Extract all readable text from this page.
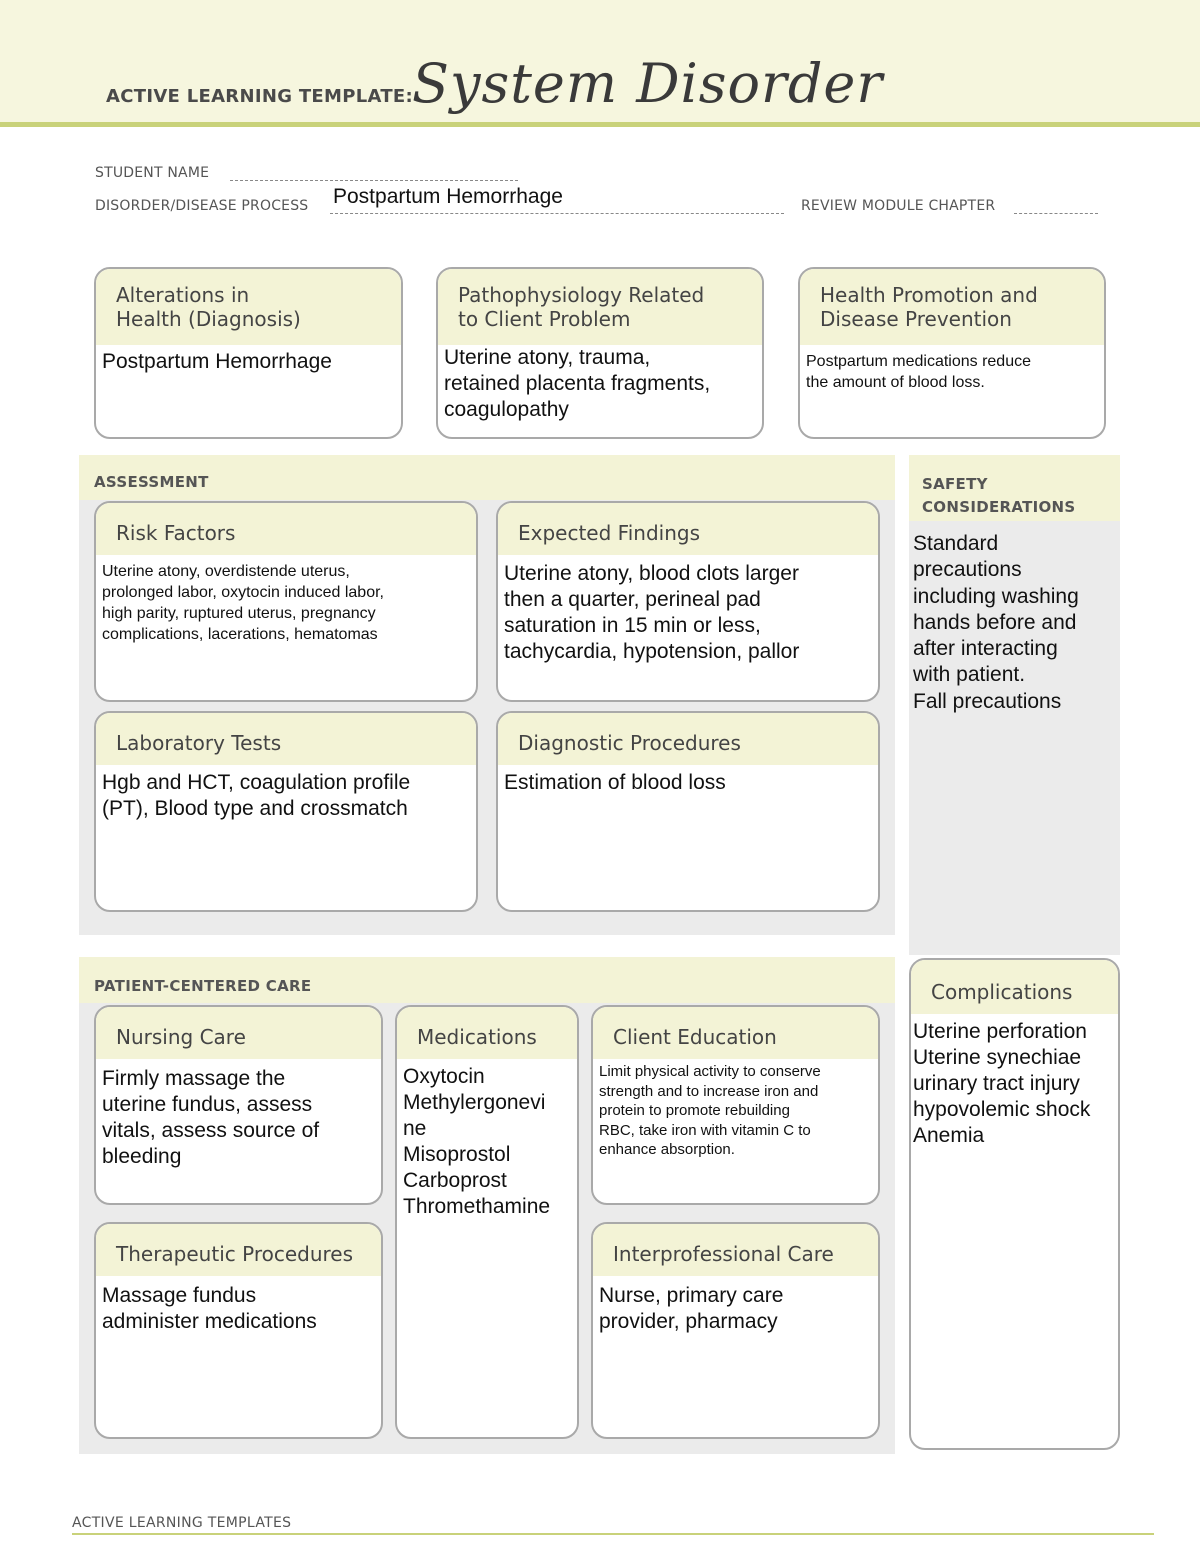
ACTIVE LEARNING TEMPLATE: System Disorder
STUDENT NAME
DISORDER/DISEASE PROCESS Postpartum Hemorrhage	REVIEW MODULE CHAPTER
Alterations in
Health (Diagnosis)
Postpartum Hemorrhage
Pathophysiology Related
to Client Problem
Uterine atony, trauma,
retained placenta fragments,
coagulopathy
Health Promotion and
Disease Prevention
Postpartum medications reduce
the amount of blood loss.
ASSESSMENT
Risk Factors
Uterine atony, overdistende uterus,
prolonged labor, oxytocin induced labor,
high parity, ruptured uterus, pregnancy
complications, lacerations, hematomas
Expected Findings
Uterine atony, blood clots larger
then a quarter, perineal pad
saturation in 15 min or less,
tachycardia, hypotension, pallor
Laboratory Tests
Hgb and HCT, coagulation profile
(PT), Blood type and crossmatch
Diagnostic Procedures
Estimation of blood loss
SAFETY
CONSIDERATIONS
Standard
precautions
including washing
hands before and
after interacting
with patient.
Fall precautions
PATIENT-CENTERED CARE
Nursing Care
Firmly massage the
uterine fundus, assess
vitals, assess source of
bleeding
Medications
Oxytocin
Methylergonevi
ne
Misoprostol
Carboprost
Thromethamine
Client Education
Limit physical activity to conserve
strength and to increase iron and
protein to promote rebuilding
RBC, take iron with vitamin C to
enhance absorption.
Therapeutic Procedures
Massage fundus
administer medications
Interprofessional Care
Nurse, primary care
provider, pharmacy
Complications
Uterine perforation
Uterine synechiae
urinary tract injury
hypovolemic shock
Anemia
ACTIVE LEARNING TEMPLATES
